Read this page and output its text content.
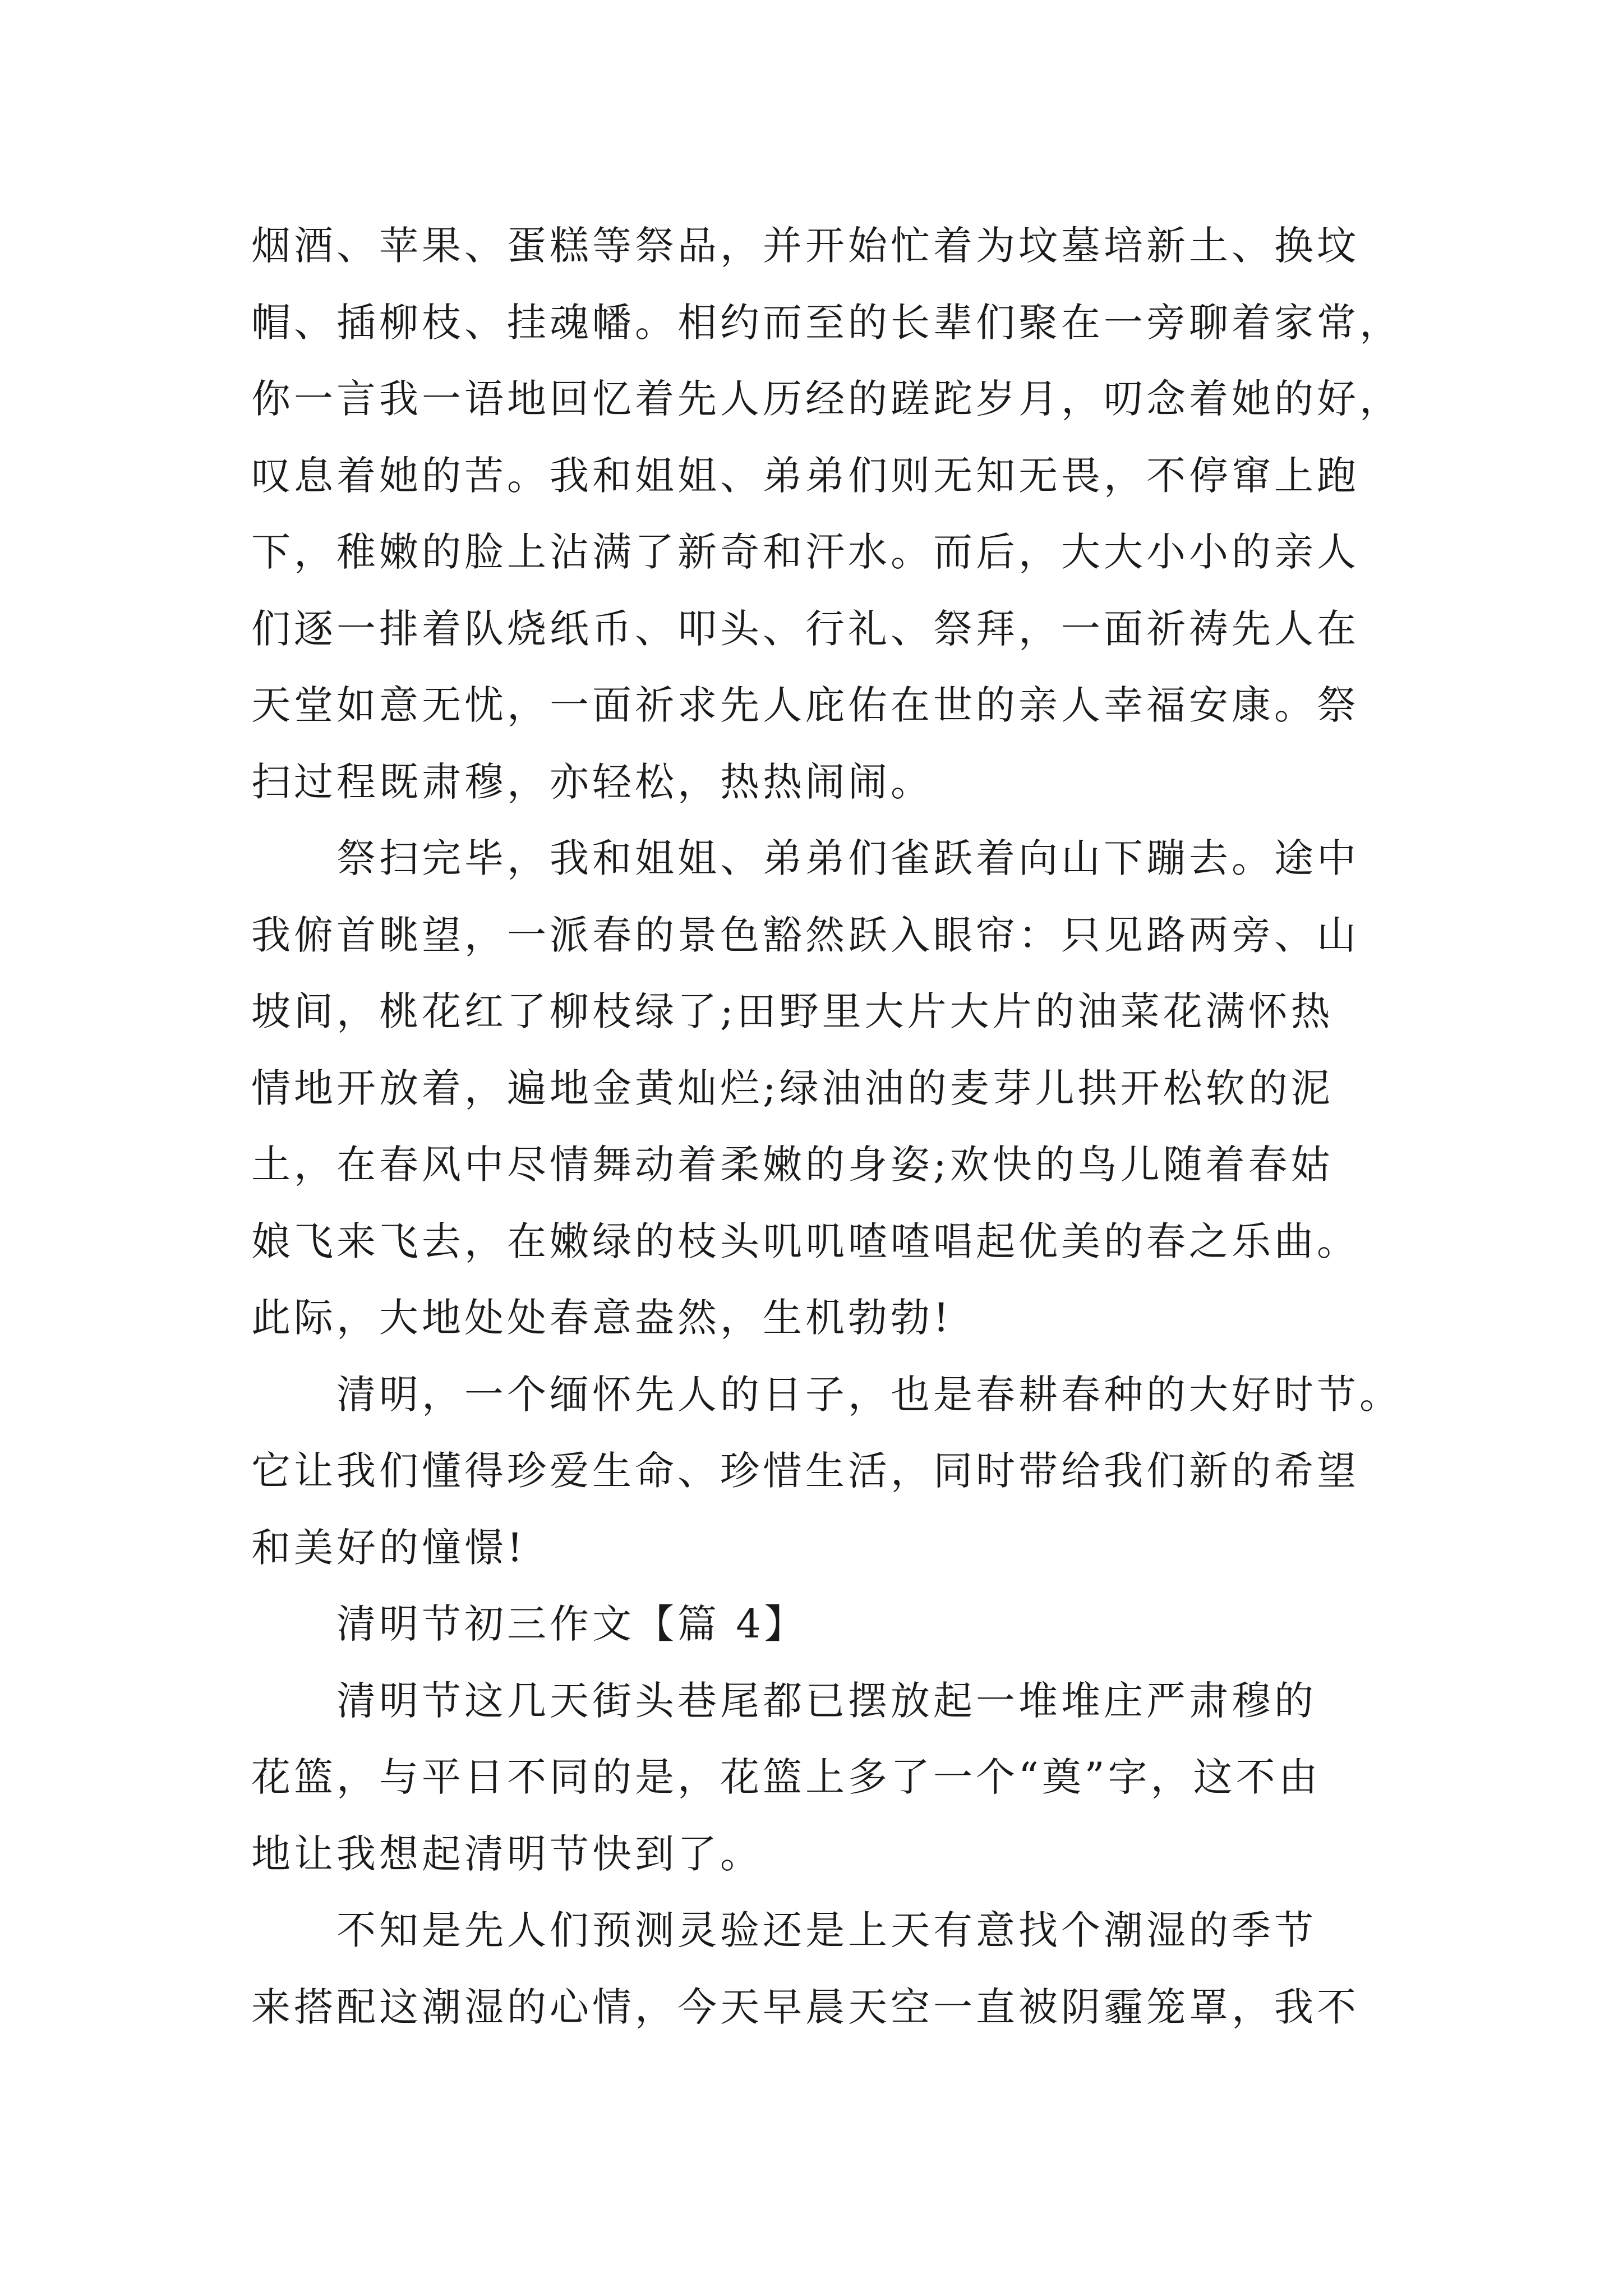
烟酒、苹果、蛋糕等祭品，并开始忙着为坟墓培新土、换坟
帽、插柳枝、挂魂幡。相约而至的长辈们聚在一旁聊着家常，
你一言我一语地回忆着先人历经的蹉跎岁月，叨念着她的好，
叹息着她的苦。我和姐姐、弟弟们则无知无畏，不停窜上跑
下，稚嫩的脸上沾满了新奇和汗水。而后，大大小小的亲人
们逐一排着队烧纸币、叩头、行礼、祭拜，一面祈祷先人在
天堂如意无忧，一面祈求先人庇佑在世的亲人幸福安康。祭
扫过程既肃穆，亦轻松，热热闹闹。
祭扫完毕，我和姐姐、弟弟们雀跃着向山下蹦去。途中
我俯首眺望，一派春的景色豁然跃入眼帘：只见路两旁、山
坡间，桃花红了柳枝绿了;田野里大片大片的油菜花满怀热
情地开放着，遍地金黄灿烂;绿油油的麦芽儿拱开松软的泥
土，在春风中尽情舞动着柔嫩的身姿;欢快的鸟儿随着春姑
娘飞来飞去，在嫩绿的枝头叽叽喳喳唱起优美的春之乐曲。
此际，大地处处春意盎然，生机勃勃!
清明，一个缅怀先人的日子，也是春耕春种的大好时节。
它让我们懂得珍爱生命、珍惜生活，同时带给我们新的希望
和美好的憧憬!
清明节初三作文【篇 4】
清明节这几天街头巷尾都已摆放起一堆堆庄严肃穆的
花篮，与平日不同的是，花篮上多了一个“奠”字，这不由
地让我想起清明节快到了。
不知是先人们预测灵验还是上天有意找个潮湿的季节
来搭配这潮湿的心情，今天早晨天空一直被阴霾笼罩，我不
